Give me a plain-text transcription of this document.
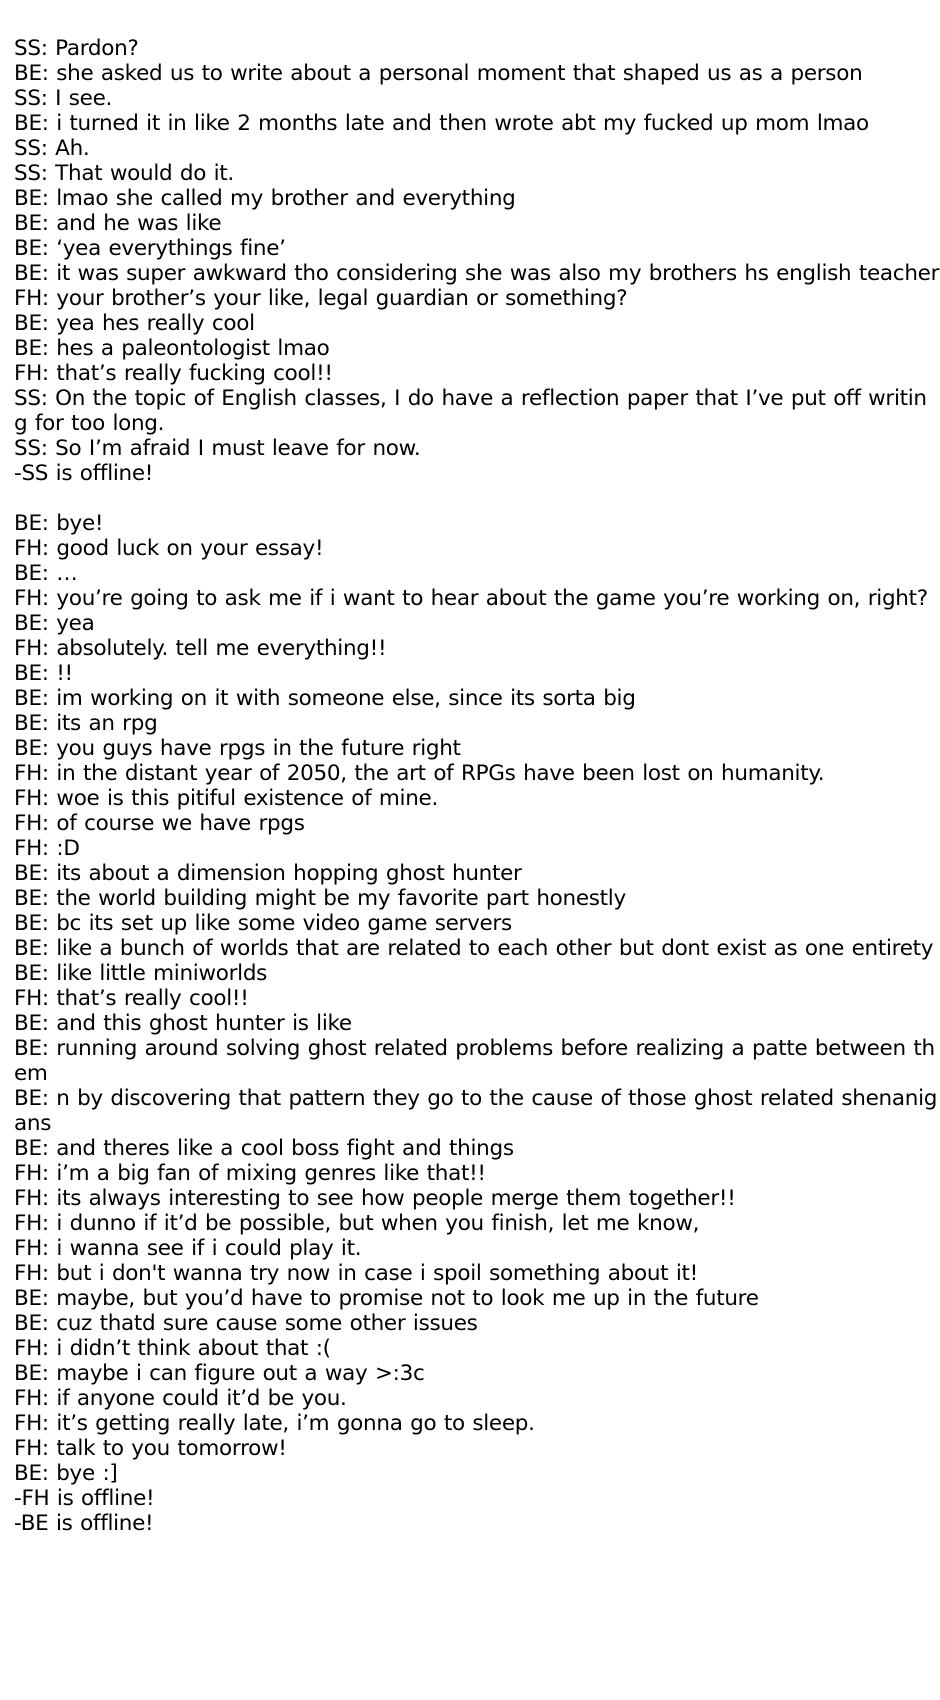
SS: Pardon?
BE: she asked us to write about a personal moment that shaped us as a person
SS: I see.
BE: i turned it in like 2 months late and then wrote abt my fucked up mom lmao
SS: Ah.
SS: That would do it.
BE: lmao she called my brother and everything
BE: and he was like
BE: ‘yea everythings fine’
BE: it was super awkward tho considering she was also my brothers hs english teacher
FH: your brother’s your like, legal guardian or something?
BE: yea hes really cool
BE: hes a paleontologist lmao
FH: that’s really fucking cool!!
SS: On the topic of English classes, I do have a reflection paper that I’ve put off writing for too long.
SS: So I’m afraid I must leave for now.
-SS is offline!
BE: bye!
FH: good luck on your essay!
BE: …
FH: you’re going to ask me if i want to hear about the game you’re working on, right?
BE: yea
FH: absolutely. tell me everything!!
BE: !!
BE: im working on it with someone else, since its sorta big
BE: its an rpg
BE: you guys have rpgs in the future right
FH: in the distant year of 2050, the art of RPGs have been lost on humanity.
FH: woe is this pitiful existence of mine.
FH: of course we have rpgs
FH: :D
BE: its about a dimension hopping ghost hunter
BE: the world building might be my favorite part honestly
BE: bc its set up like some video game servers
BE: like a bunch of worlds that are related to each other but dont exist as one entirety
BE: like little miniworlds
FH: that’s really cool!!
BE: and this ghost hunter is like
BE: running around solving ghost related problems before realizing a patte between them
BE: n by discovering that pattern they go to the cause of those ghost related shenanigans
BE: and theres like a cool boss fight and things
FH: i’m a big fan of mixing genres like that!!
FH: its always interesting to see how people merge them together!!
FH: i dunno if it’d be possible, but when you finish, let me know,
FH: i wanna see if i could play it.
FH: but i don't wanna try now in case i spoil something about it!
BE: maybe, but you’d have to promise not to look me up in the future
BE: cuz thatd sure cause some other issues
FH: i didn’t think about that :(
BE: maybe i can figure out a way >:3c
FH: if anyone could it’d be you.
FH: it’s getting really late, i’m gonna go to sleep.
FH: talk to you tomorrow!
BE: bye :]
-FH is offline!
-BE is offline!
